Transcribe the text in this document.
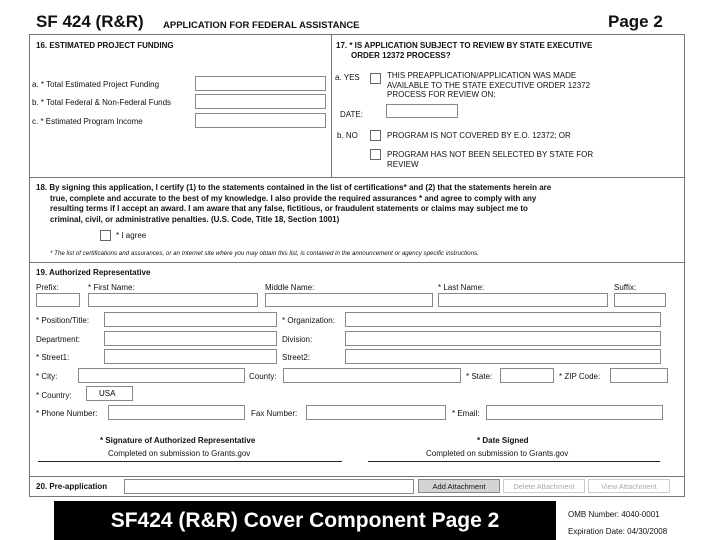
SF 424 (R&R) APPLICATION FOR FEDERAL ASSISTANCE	Page 2
16. ESTIMATED PROJECT FUNDING
a. * Total Estimated Project Funding
b. * Total Federal & Non-Federal Funds
c. * Estimated Program Income
17. * IS APPLICATION SUBJECT TO REVIEW BY STATE EXECUTIVE
ORDER 12372 PROCESS?
a. YES	THIS PREAPPLICATION/APPLICATION WAS MADE
AVAILABLE TO THE STATE EXECUTIVE ORDER 12372
PROCESS FOR REVIEW ON:
DATE:
b. NO	PROGRAM IS NOT COVERED BY E.O. 12372; OR
PROGRAM HAS NOT BEEN SELECTED BY STATE FOR
REVIEW
18. By signing this application, I certify (1) to the statements contained in the list of certifications* and (2) that the statements herein are
true, complete and accurate to the best of my knowledge. I also provide the required assurances * and agree to comply with any
resulting terms if I accept an award. I am aware that any false, fictitious, or fraudulent statements or claims may subject me to
criminal, civil, or administrative penalties. (U.S. Code, Title 18, Section 1001)
* I agree
* The list of certifications and assurances, or an Internet site where you may obtain this list, is contained in the announcement or agency specific instructions.
19. Authorized Representative
Prefix:	* First Name:	Middle Name:	* Last Name:	Suffix:
* Position/Title:	* Organization:
Department:	Division:
* Street1:	Street2:
* City:	County:	* State:	* ZIP Code:
* Country:
USA
* Phone Number:	Fax Number:	* Email:
* Signature of Authorized Representative
Completed on submission to Grants.gov
* Date Signed
Completed on submission to Grants.gov
20. Pre-application	Add Attachment	Delete Attachment	View Attachment
SF424 (R&R) Cover Component Page 2	OMB Number: 4040-0001
Expiration Date: 04/30/2008
